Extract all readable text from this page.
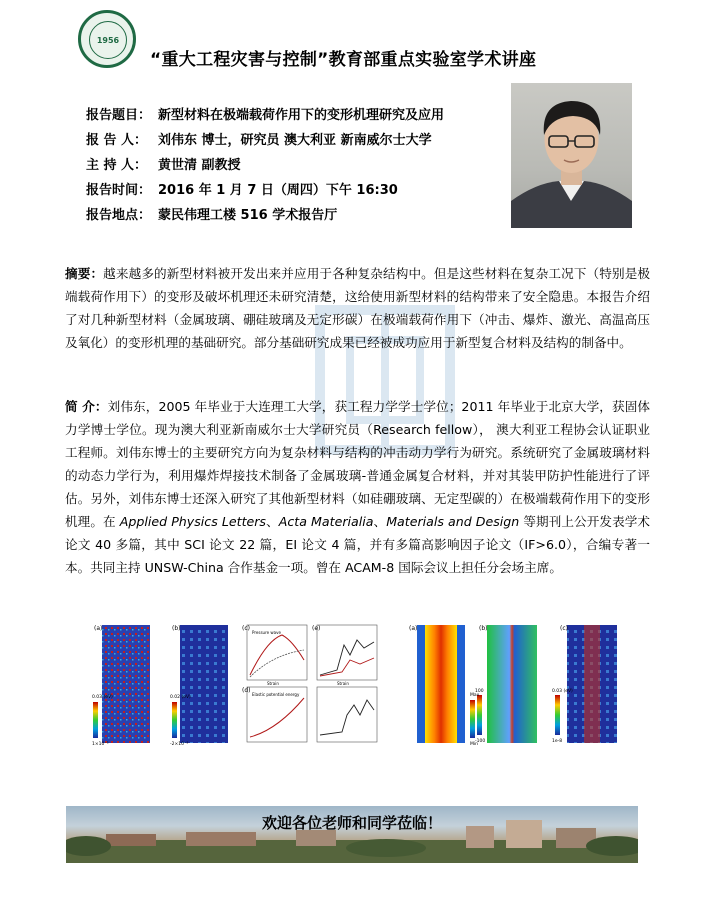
1956
“重大工程灾害与控制”教育部重点实验室学术讲座
报告题目： 新型材料在极端载荷作用下的变形机理研究及应用
报 告 人： 刘伟东 博士，研究员 澳大利亚 新南威尔士大学
主 持 人： 黄世清 副教授
报告时间： 2016 年 1 月 7 日（周四）下午 16:30
报告地点： 蒙民伟理工楼 516 学术报告厅
摘要：越来越多的新型材料被开发出来并应用于各种复杂结构中。但是这些材料在复杂工况下（特别是极端载荷作用下）的变形及破坏机理还未研究清楚，这给使用新型材料的结构带来了安全隐患。本报告介绍了对几种新型材料（金属玻璃、硼硅玻璃及无定形碳）在极端载荷作用下（冲击、爆炸、激光、高温高压及氧化）的变形机理的基础研究。部分基础研究成果已经被成功应用于新型复合材料及结构的制备中。
简 介：刘伟东，2005 年毕业于大连理工大学，获工程力学学士学位；2011 年毕业于北京大学，获固体力学博士学位。现为澳大利亚新南威尔士大学研究员（Research fellow）， 澳大利亚工程协会认证职业工程师。刘伟东博士的主要研究方向为复杂材料与结构的冲击动力学行为研究。系统研究了金属玻璃材料的动态力学行为，利用爆炸焊接技术制备了金属玻璃-普通金属复合材料，并对其装甲防护性能进行了评估。另外，刘伟东博士还深入研究了其他新型材料（如硅硼玻璃、无定型碳的）在极端载荷作用下的变形机理。在 Applied Physics Letters、Acta Materialia、Materials and Design 等期刊上公开发表学术论文 40 多篇，其中 SCI 论文 22 篇，EI 论文 4 篇，并有多篇高影响因子论文（IF>6.0），合编专著一本。共同主持 UNSW-China 合作基金一项。曾在 ACAM-8 国际会议上担任分会场主席。
(a)	(b)	(c)	(e)
(d)
(a)	(b)	(c)
0.03 (eV)
1×10⁻⁵
0.02 (eV)
-2×10⁻³
Strain	Strain
Pressure wave
Elastic potential energy	Max
Min
100
-100
0.03 (eV)
1e-8
欢迎各位老师和同学莅临！
